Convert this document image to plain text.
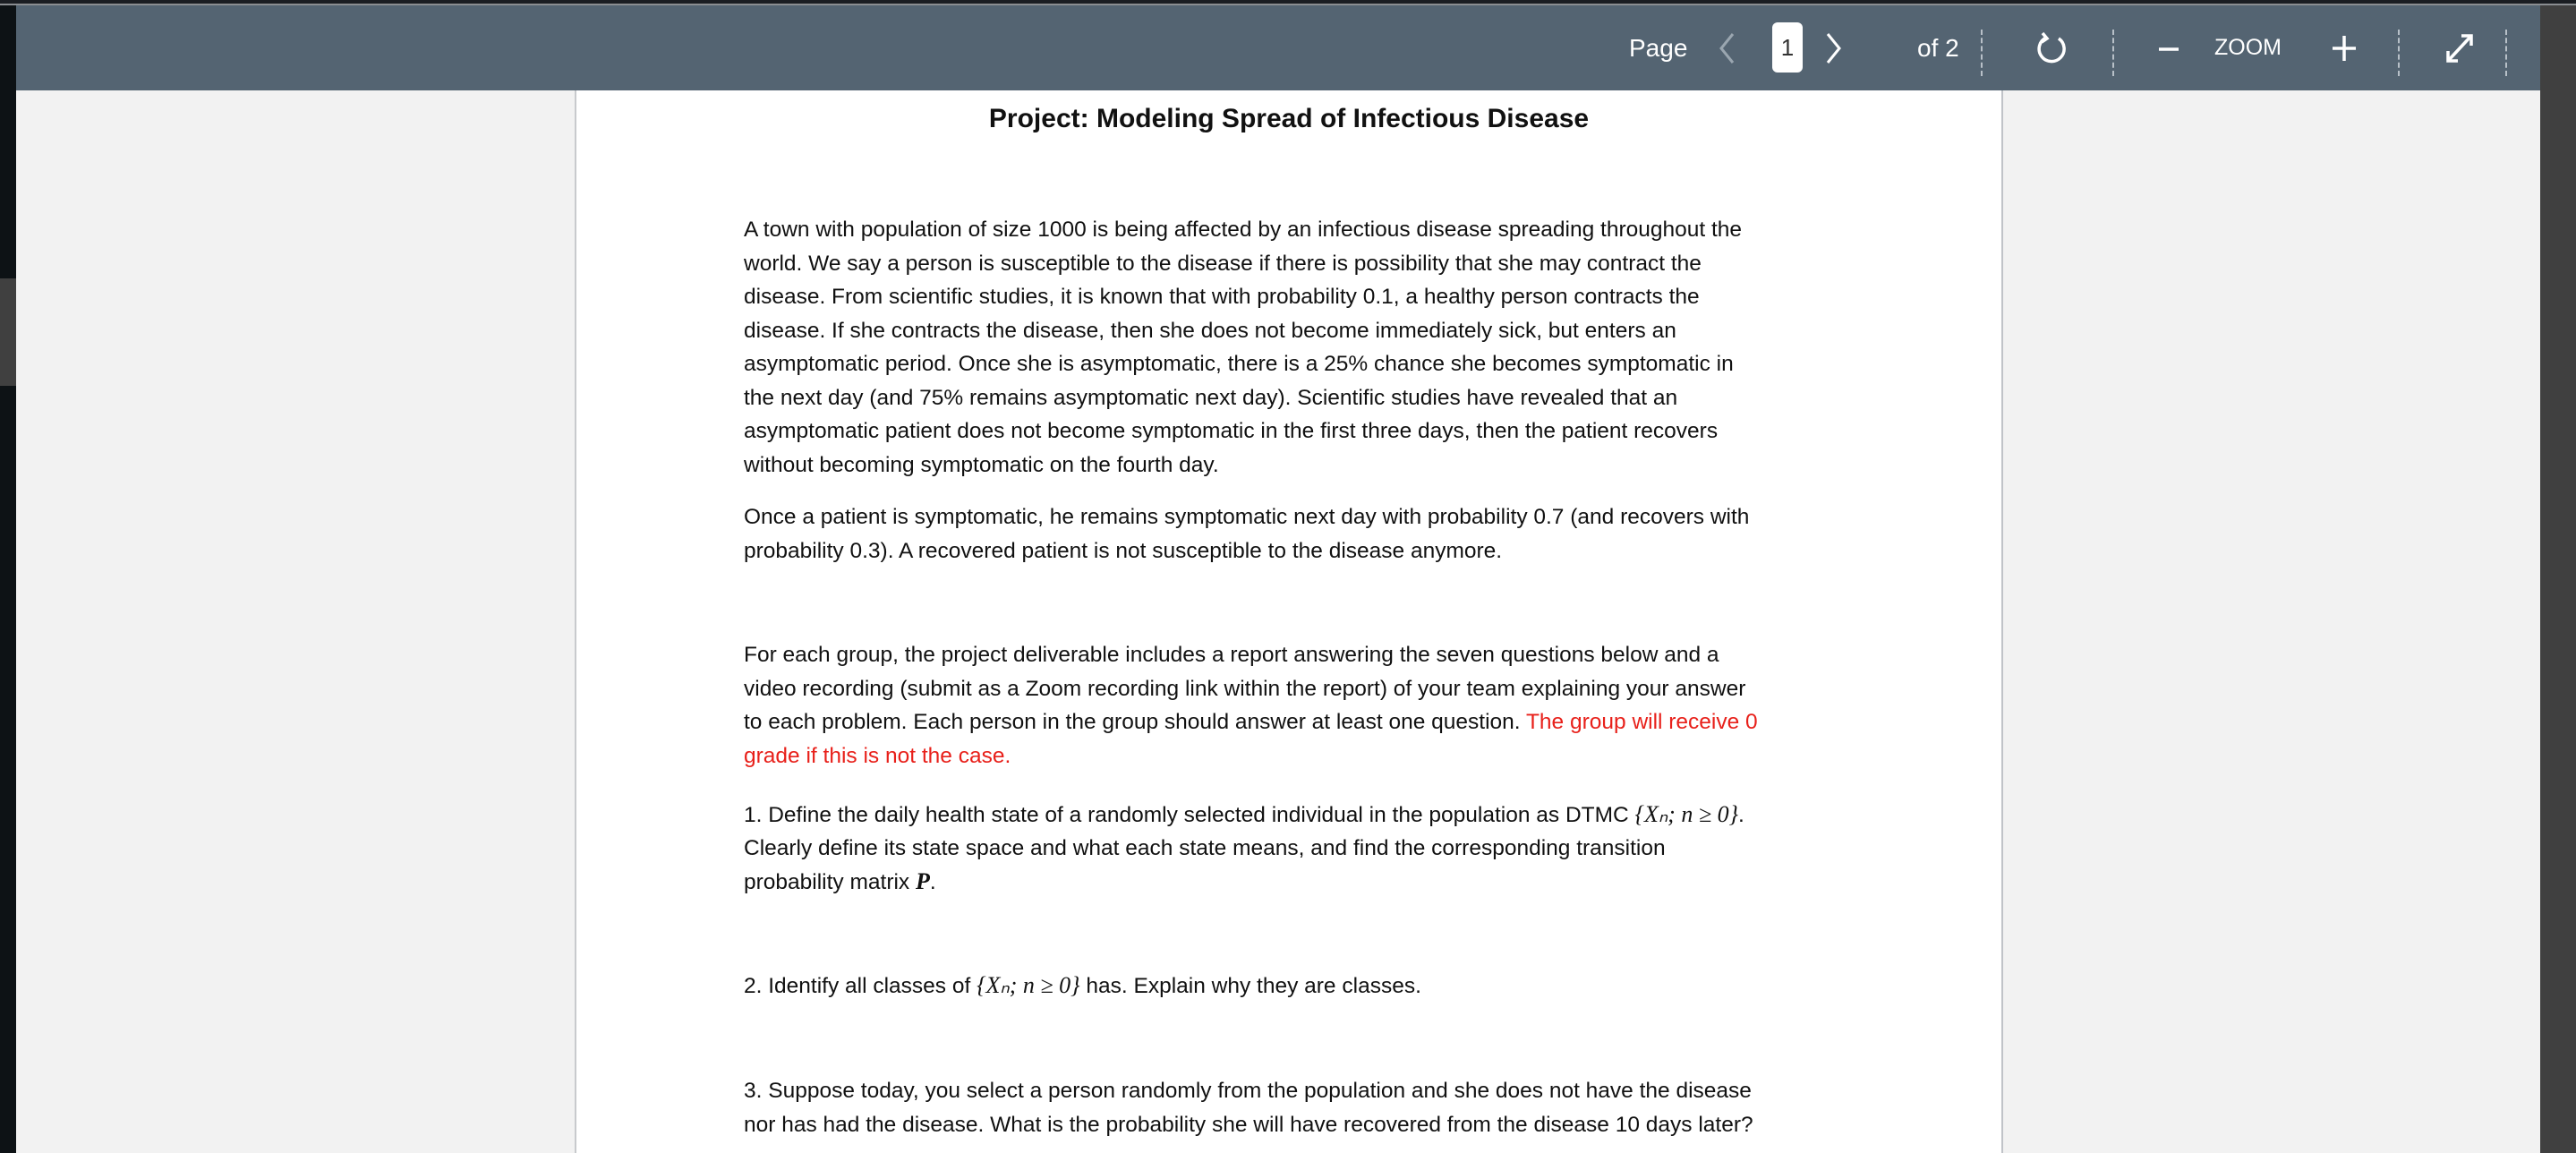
Page	1	of 2	ZOOM
Project: Modeling Spread of Infectious Disease
A town with population of size 1000 is being affected by an infectious disease spreading throughout the
world. We say a person is susceptible to the disease if there is possibility that she may contract the
disease. From scientific studies, it is known that with probability 0.1, a healthy person contracts the
disease. If she contracts the disease, then she does not become immediately sick, but enters an
asymptomatic period. Once she is asymptomatic, there is a 25% chance she becomes symptomatic in
the next day (and 75% remains asymptomatic next day). Scientific studies have revealed that an
asymptomatic patient does not become symptomatic in the first three days, then the patient recovers
without becoming symptomatic on the fourth day.
Once a patient is symptomatic, he remains symptomatic next day with probability 0.7 (and recovers with
probability 0.3). A recovered patient is not susceptible to the disease anymore.
For each group, the project deliverable includes a report answering the seven questions below and a
video recording (submit as a Zoom recording link within the report) of your team explaining your answer
to each problem. Each person in the group should answer at least one question. The group will receive 0
grade if this is not the case.
1. Define the daily health state of a randomly selected individual in the population as DTMC {Xₙ; n ≥ 0}.
Clearly define its state space and what each state means, and find the corresponding transition
probability matrix P.
2. Identify all classes of {Xₙ; n ≥ 0} has. Explain why they are classes.
3. Suppose today, you select a person randomly from the population and she does not have the disease
nor has had the disease. What is the probability she will have recovered from the disease 10 days later?
